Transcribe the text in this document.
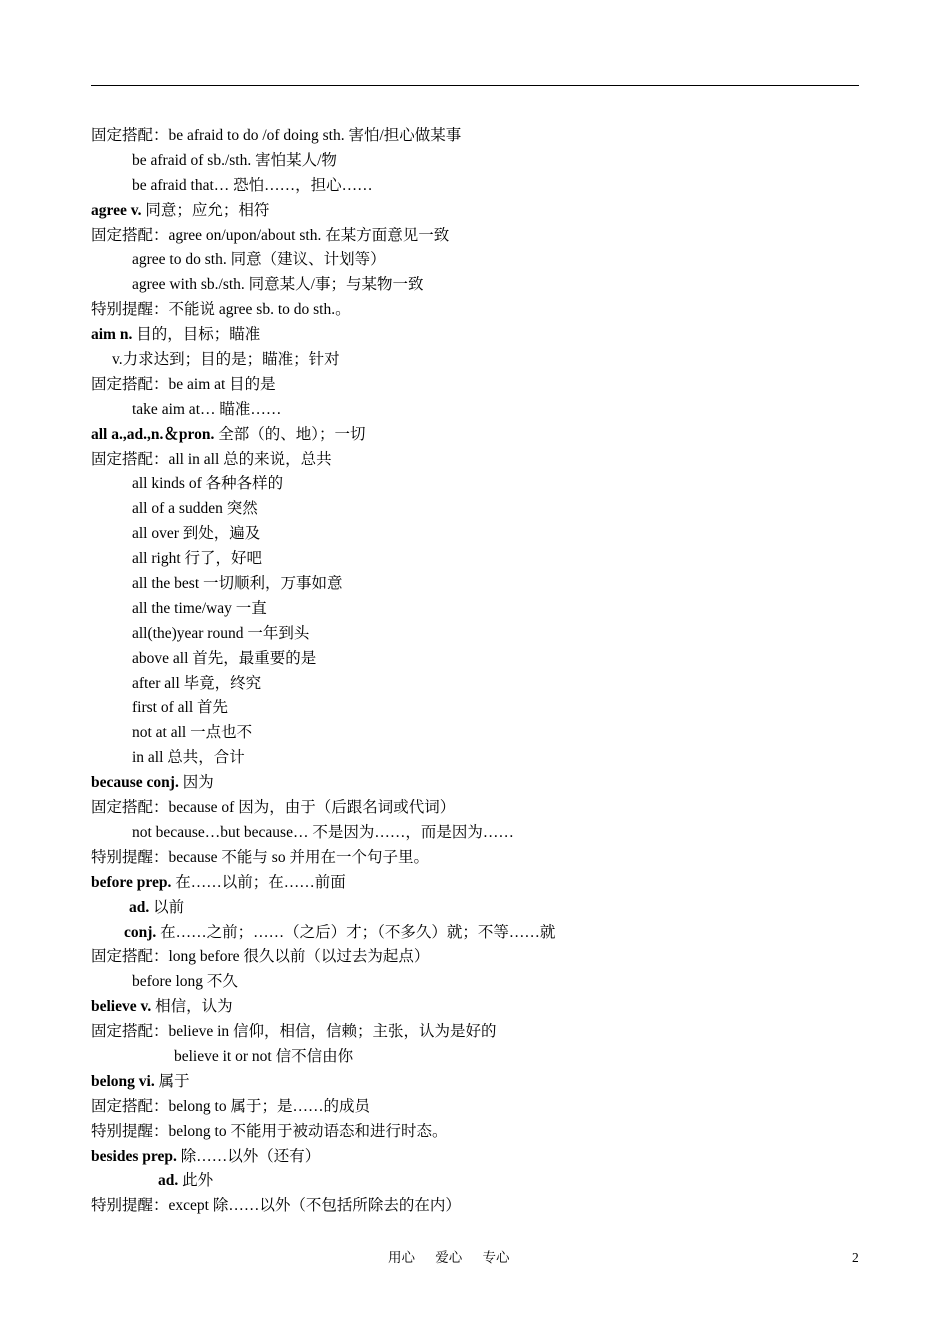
固定搭配：be afraid to do /of doing sth. 害怕/担心做某事
be afraid of sb./sth. 害怕某人/物
be afraid that… 恐怕……，担心……
agree v. 同意；应允；相符
固定搭配：agree on/upon/about sth. 在某方面意见一致
agree to do sth. 同意（建议、计划等）
agree with sb./sth. 同意某人/事；与某物一致
特别提醒：不能说 agree sb. to do sth.。
aim n. 目的，目标；瞄准
v.力求达到；目的是；瞄准；针对
固定搭配：be aim at 目的是
take aim at… 瞄准……
all a.,ad.,n.＆pron. 全部（的、地）；一切
固定搭配：all in all 总的来说，总共
all kinds of 各种各样的
all of a sudden 突然
all over 到处，遍及
all right 行了，好吧
all the best 一切顺利，万事如意
all the time/way 一直
all(the)year round 一年到头
above all 首先，最重要的是
after all 毕竟，终究
first of all 首先
not at all 一点也不
in all 总共，合计
because conj. 因为
固定搭配：because of 因为，由于（后跟名词或代词）
not because…but because… 不是因为……，而是因为……
特别提醒：because 不能与 so 并用在一个句子里。
before prep. 在……以前；在……前面
ad. 以前
conj. 在……之前；……（之后）才；（不多久）就；不等……就
固定搭配：long before 很久以前（以过去为起点）
before long 不久
believe v. 相信，认为
固定搭配：believe in 信仰，相信，信赖；主张，认为是好的
believe it or not 信不信由你
belong vi. 属于
固定搭配：belong to 属于；是……的成员
特别提醒：belong to 不能用于被动语态和进行时态。
besides prep. 除……以外（还有）
ad. 此外
特别提醒：except 除……以外（不包括所除去的在内）
用心      爱心      专心	2
